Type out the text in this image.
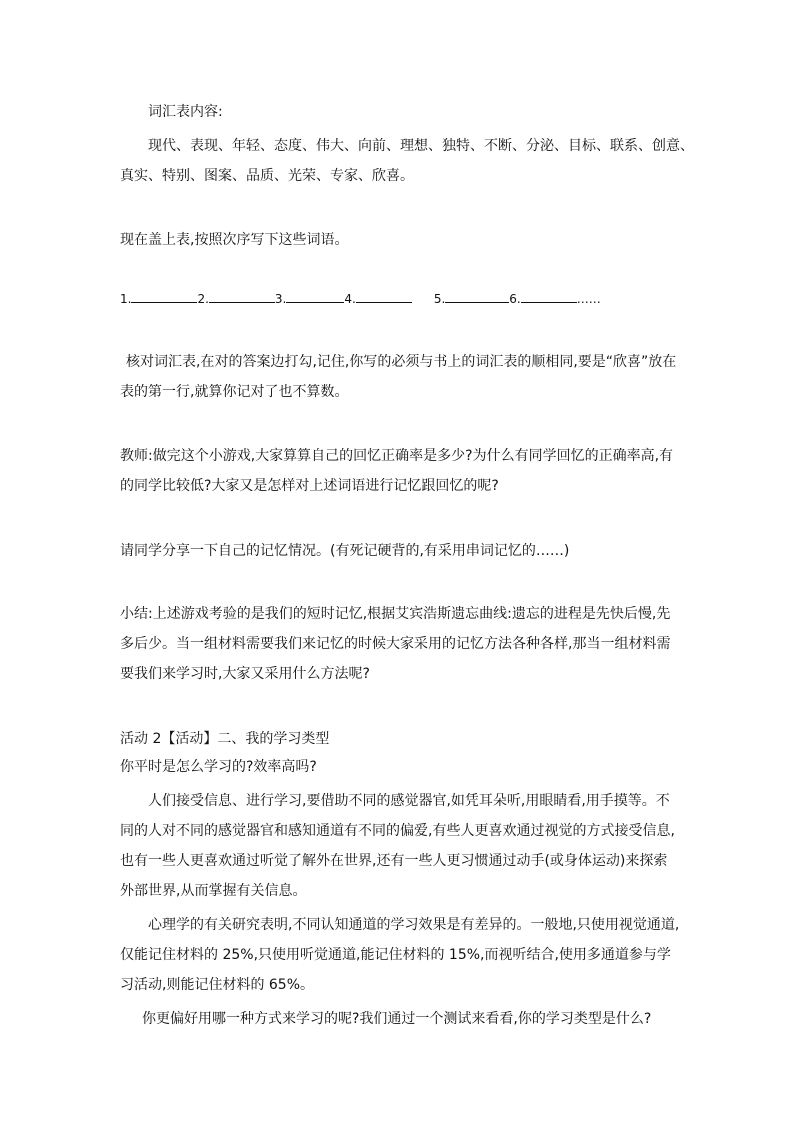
词汇表内容:

现代、表现、年轻、态度、伟大、向前、理想、独特、不断、分泌、目标、联系、创意、

真实、特别、图案、品质、光荣、专家、欣喜。

现在盖上表,按照次序写下这些词语。

1.	2.	3.	4.	5.	6.	……

核对词汇表,在对的答案边打勾,记住,你写的必须与书上的词汇表的顺相同,要是“欣喜”放在表的第一行,就算你记对了也不算数。

教师:做完这个小游戏,大家算算自己的回忆正确率是多少?为什么有同学回忆的正确率高,有的同学比较低?大家又是怎样对上述词语进行记忆跟回忆的呢?

请同学分享一下自己的记忆情况。(有死记硬背的,有采用串词记忆的……)

小结:上述游戏考验的是我们的短时记忆,根据艾宾浩斯遗忘曲线:遗忘的进程是先快后慢,先多后少。当一组材料需要我们来记忆的时候大家采用的记忆方法各种各样,那当一组材料需要我们来学习时,大家又采用什么方法呢?

活动 2【活动】二、我的学习类型

你平时是怎么学习的?效率高吗?

人们接受信息、进行学习,要借助不同的感觉器官,如凭耳朵听,用眼睛看,用手摸等。不同的人对不同的感觉器官和感知通道有不同的偏爱,有些人更喜欢通过视觉的方式接受信息,也有一些人更喜欢通过听觉了解外在世界,还有一些人更习惯通过动手(或身体运动)来探索外部世界,从而掌握有关信息。

心理学的有关研究表明,不同认知通道的学习效果是有差异的。一般地,只使用视觉通道,仅能记住材料的 25%,只使用听觉通道,能记住材料的 15%,而视听结合,使用多通道参与学习活动,则能记住材料的 65%。

你更偏好用哪一种方式来学习的呢?我们通过一个测试来看看,你的学习类型是什么?
